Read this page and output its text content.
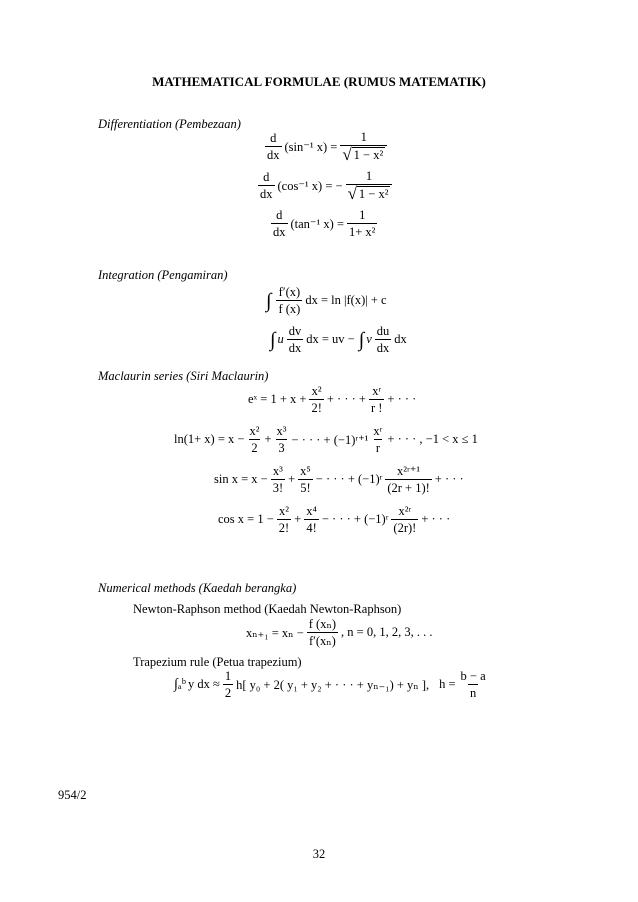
MATHEMATICAL FORMULAE (RUMUS MATEMATIK)
Differentiation (Pembezaan)
$\frac{d}{dx} (\sin^{-1}$ $x) = \frac{1}{\text{√ 1 − x²}}$
$\frac{d}{dx} (\cos^{-1}$ x) = − $\frac{1}{\text{√ 1 − x²}}$
$\frac{d}{dx} (\tan^{-1}$ $x) = \frac{1}{\text{1+ x²}}$
Integration (Pengamiran)
∫ $\frac{f'(x)}{f (x)}$ dx = ln |f(x)| + c
∫ u $\frac{dv}{dx}$ dx = uv − ∫ v $\frac{du}{dx}$ dx
Maclaurin series (Siri Maclaurin)
eˣ = $1 + x + \frac{\text{x²}}{2!}$ + · · · + $\frac{\text{xʳ}}{r !}$ + · · ·
$\ln(1+ x) = x - \frac{\text{x²}}{2} + \frac{\text{x³}}{3}$ − · · · + (−1)ʳ⁺¹ $\frac{\text{xʳ}}{r}$ + · · · , −1 < x ≤ 1
$\sin x = x - \frac{\text{x³}}{3!} + \frac{\text{x⁵}}{5!}$ − · · · + (−1)ʳ $\frac{\text{x²ʳ⁺¹}}{(2r + 1)!}$ + · · ·
$\cos x = 1 - \frac{\text{x²}}{2!} + \frac{\text{x⁴}}{4!}$ − · · · + (−1)ʳ $\frac{\text{x²ʳ}}{(2r)!}$ + · · ·
Numerical methods (Kaedah berangka)
Newton-Raphson method (Kaedah Newton-Raphson)
$x_{n+1} = x_n - \frac{\text{f (xₙ)}}{\text{f′(xₙ)}}$ , n = 0, 1, 2, 3, . . .
Trapezium rule (Petua trapezium)
∫ₐᵇ y dx ≈ $\frac{1}{2} h$[ y₀ + 2( y₁ + y₂ + · · · + yₙ₋₁) + yₙ ], $h = \frac{b - a}{n}$
954/2
32
